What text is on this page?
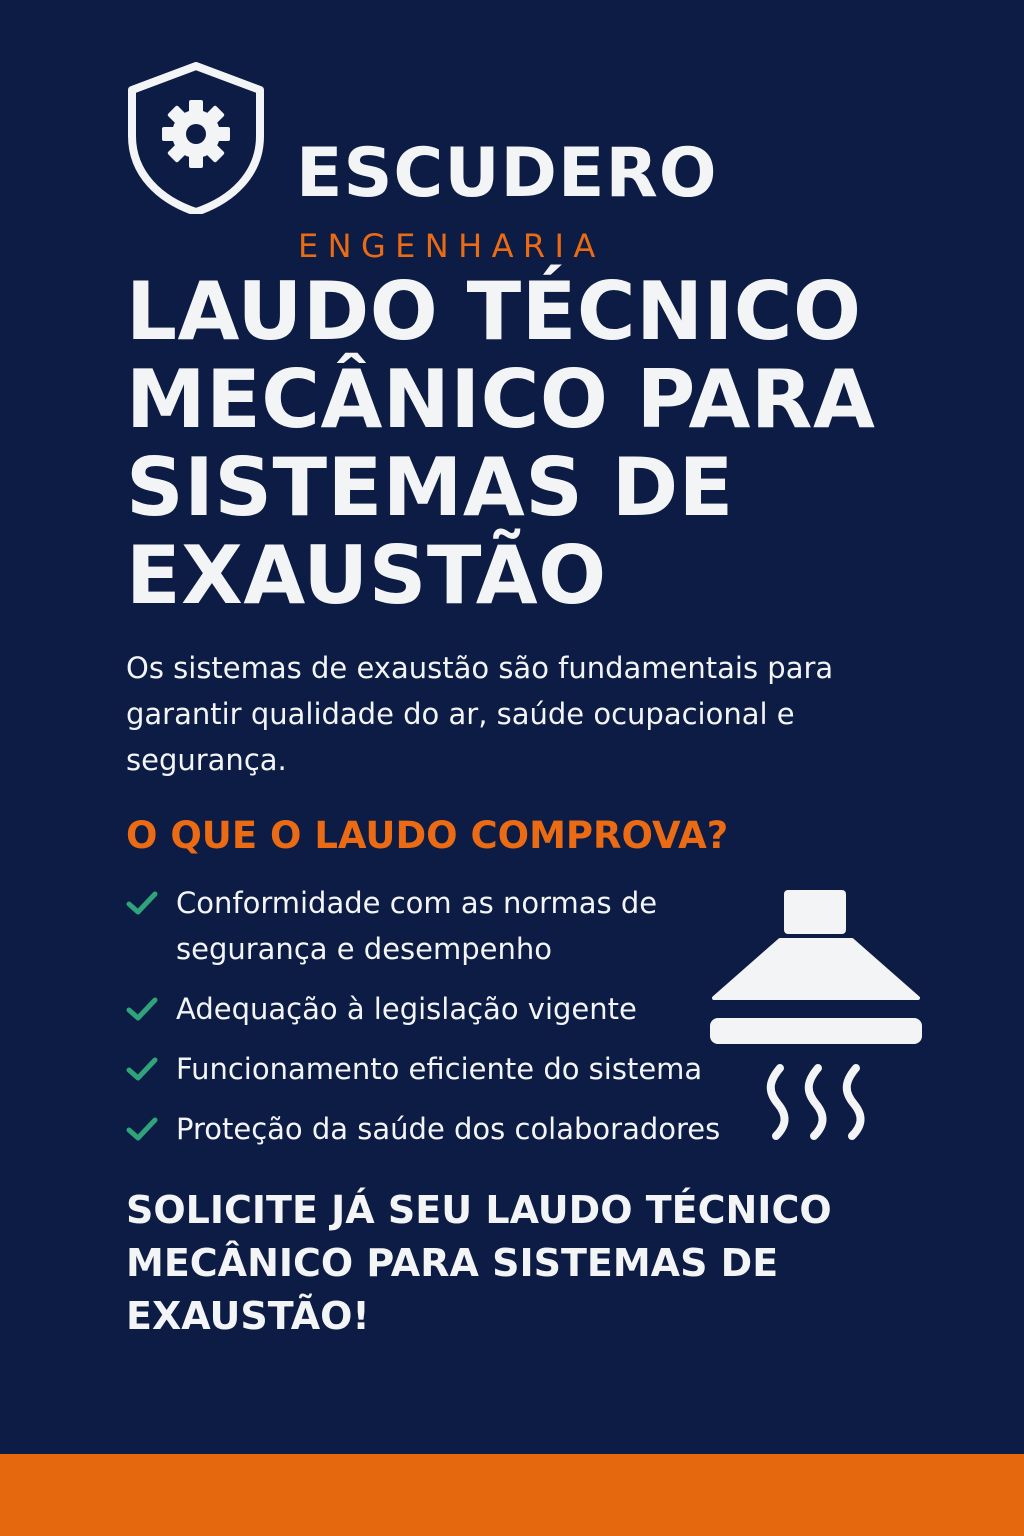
ESCUDERO
ENGENHARIA
LAUDO TÉCNICO
MECÂNICO PARA
SISTEMAS DE
EXAUSTÃO

Os sistemas de exaustão são fundamentais para garantir qualidade do ar, saúde ocupacional e segurança.

O QUE O LAUDO COMPROVA?
Conformidade com as normas de segurança e desempenho
Adequação à legislação vigente
Funcionamento eficiente do sistema
Proteção da saúde dos colaboradores
SOLICITE JÁ SEU LAUDO TÉCNICO
MECÂNICO PARA SISTEMAS DE
EXAUSTÃO!
